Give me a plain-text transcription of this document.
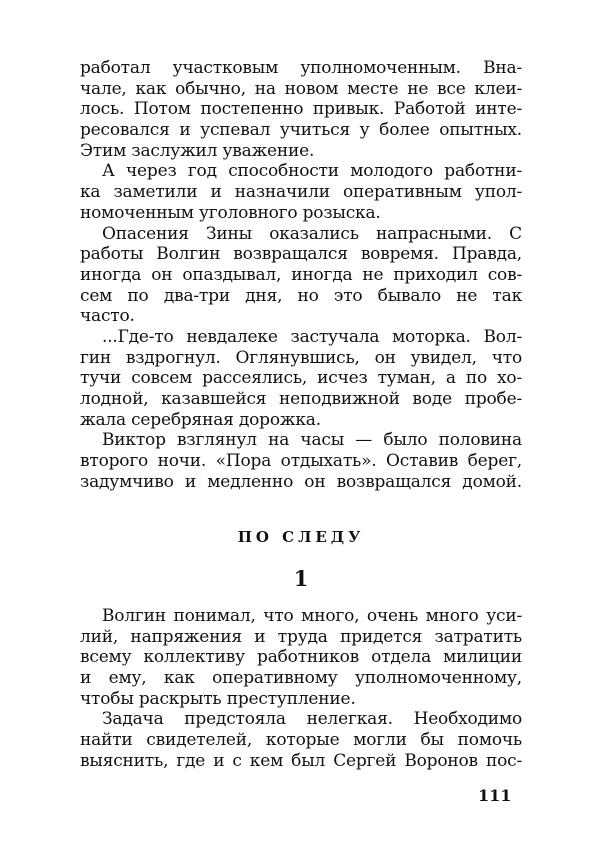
работал участковым уполномоченным. Вна-
чале, как обычно, на новом месте не все клеи-
лось. Потом постепенно привык. Работой инте-
ресовался и успевал учиться у более опытных.
Этим заслужил уважение.
А через год способности молодого работни-
ка заметили и назначили оперативным упол-
номоченным уголовного розыска.
Опасения Зины оказались напрасными. С
работы Волгин возвращался вовремя. Правда,
иногда он опаздывал, иногда не приходил сов-
сем по два-три дня, но это бывало не так
часто.
...Где-то невдалеке застучала моторка. Вол-
гин вздрогнул. Оглянувшись, он увидел, что
тучи совсем рассеялись, исчез туман, а по хо-
лодной, казавшейся неподвижной воде пробе-
жала серебряная дорожка.
Виктор взглянул на часы — было половина
второго ночи. «Пора отдыхать». Оставив берег,
задумчиво и медленно он возвращался домой.
ПО СЛЕДУ
1
Волгин понимал, что много, очень много уси-
лий, напряжения и труда придется затратить
всему коллективу работников отдела милиции
и ему, как оперативному уполномоченному,
чтобы раскрыть преступление.
Задача предстояла нелегкая. Необходимо
найти свидетелей, которые могли бы помочь
выяснить, где и с кем был Сергей Воронов пос-
111
